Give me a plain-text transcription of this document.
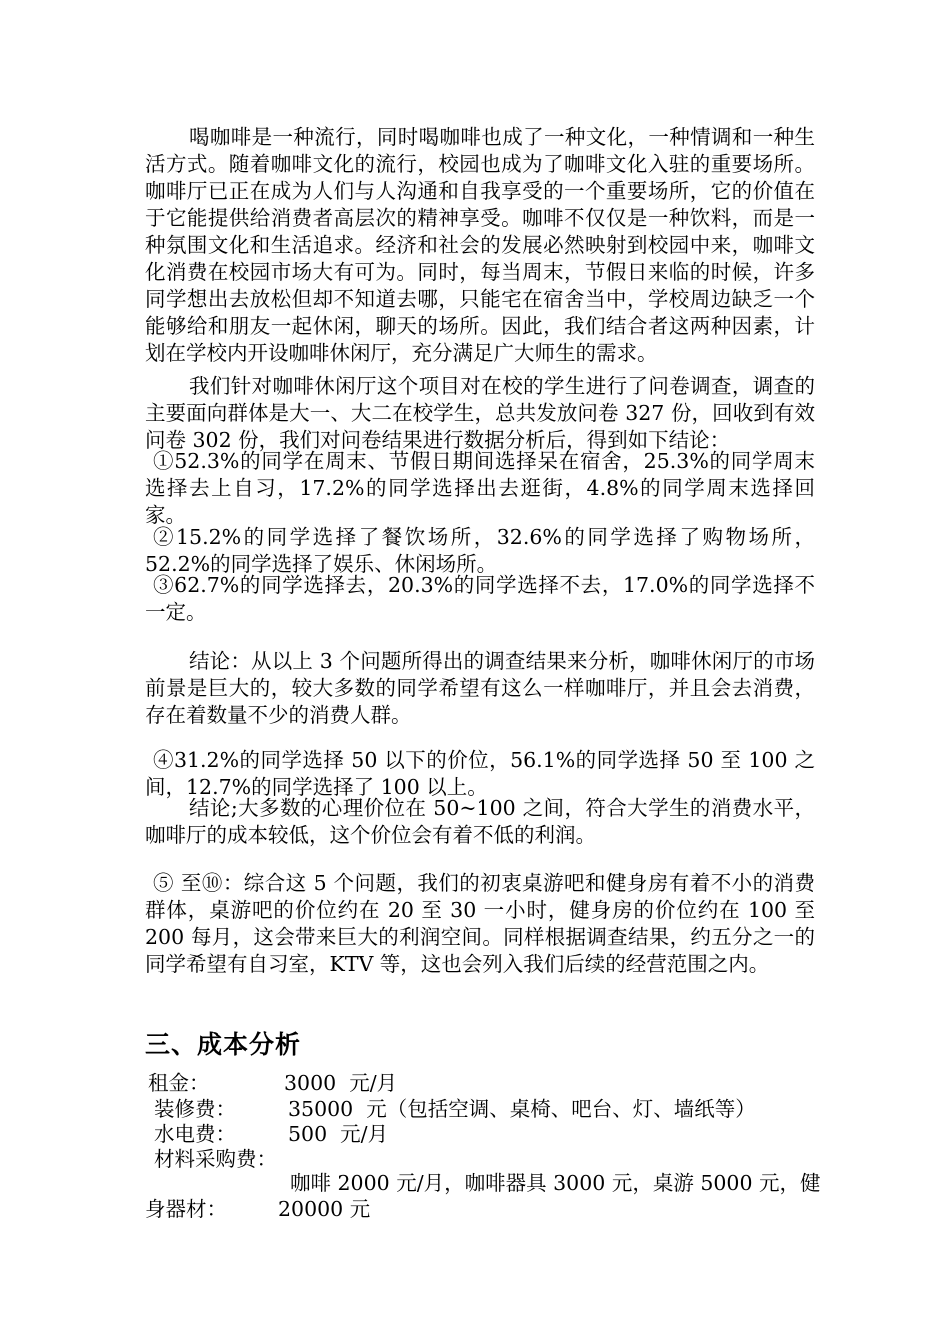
喝咖啡是一种流行，同时喝咖啡也成了一种文化，一种情调和一种生活方式。随着咖啡文化的流行，校园也成为了咖啡文化入驻的重要场所。咖啡厅已正在成为人们与人沟通和自我享受的一个重要场所，它的价值在于它能提供给消费者高层次的精神享受。咖啡不仅仅是一种饮料，而是一种氛围文化和生活追求。经济和社会的发展必然映射到校园中来，咖啡文化消费在校园市场大有可为。同时，每当周末，节假日来临的时候，许多同学想出去放松但却不知道去哪，只能宅在宿舍当中，学校周边缺乏一个能够给和朋友一起休闲，聊天的场所。因此，我们结合者这两种因素，计划在学校内开设咖啡休闲厅，充分满足广大师生的需求。

我们针对咖啡休闲厅这个项目对在校的学生进行了问卷调查，调查的主要面向群体是大一、大二在校学生，总共发放问卷 327 份，回收到有效问卷 302 份，我们对问卷结果进行数据分析后，得到如下结论：

①52.3%的同学在周末、节假日期间选择呆在宿舍，25.3%的同学周末选择去上自习，17.2%的同学选择出去逛街，4.8%的同学周末选择回家。

②15.2%的同学选择了餐饮场所，32.6%的同学选择了购物场所，52.2%的同学选择了娱乐、休闲场所。

③62.7%的同学选择去，20.3%的同学选择不去，17.0%的同学选择不一定。

结论：从以上 3 个问题所得出的调查结果来分析，咖啡休闲厅的市场前景是巨大的，较大多数的同学希望有这么一样咖啡厅，并且会去消费，存在着数量不少的消费人群。

④31.2%的同学选择 50 以下的价位，56.1%的同学选择 50 至 100 之间，12.7%的同学选择了 100 以上。

结论;大多数的心理价位在 50~100 之间，符合大学生的消费水平，咖啡厅的成本较低，这个价位会有着不低的利润。

⑤ 至⑩：综合这 5 个问题，我们的初衷桌游吧和健身房有着不小的消费群体，桌游吧的价位约在 20 至 30 一小时，健身房的价位约在 100 至 200 每月，这会带来巨大的利润空间。同样根据调查结果，约五分之一的同学希望有自习室，KTV 等，这也会列入我们后续的经营范围之内。

三、成本分析
租金：	3000  元/月
装修费：	35000  元（包括空调、桌椅、吧台、灯、墙纸等）
水电费：	500  元/月
材料采购费：
咖啡 2000 元/月，咖啡器具 3000 元，桌游 5000 元，健
身器材： 20000 元
